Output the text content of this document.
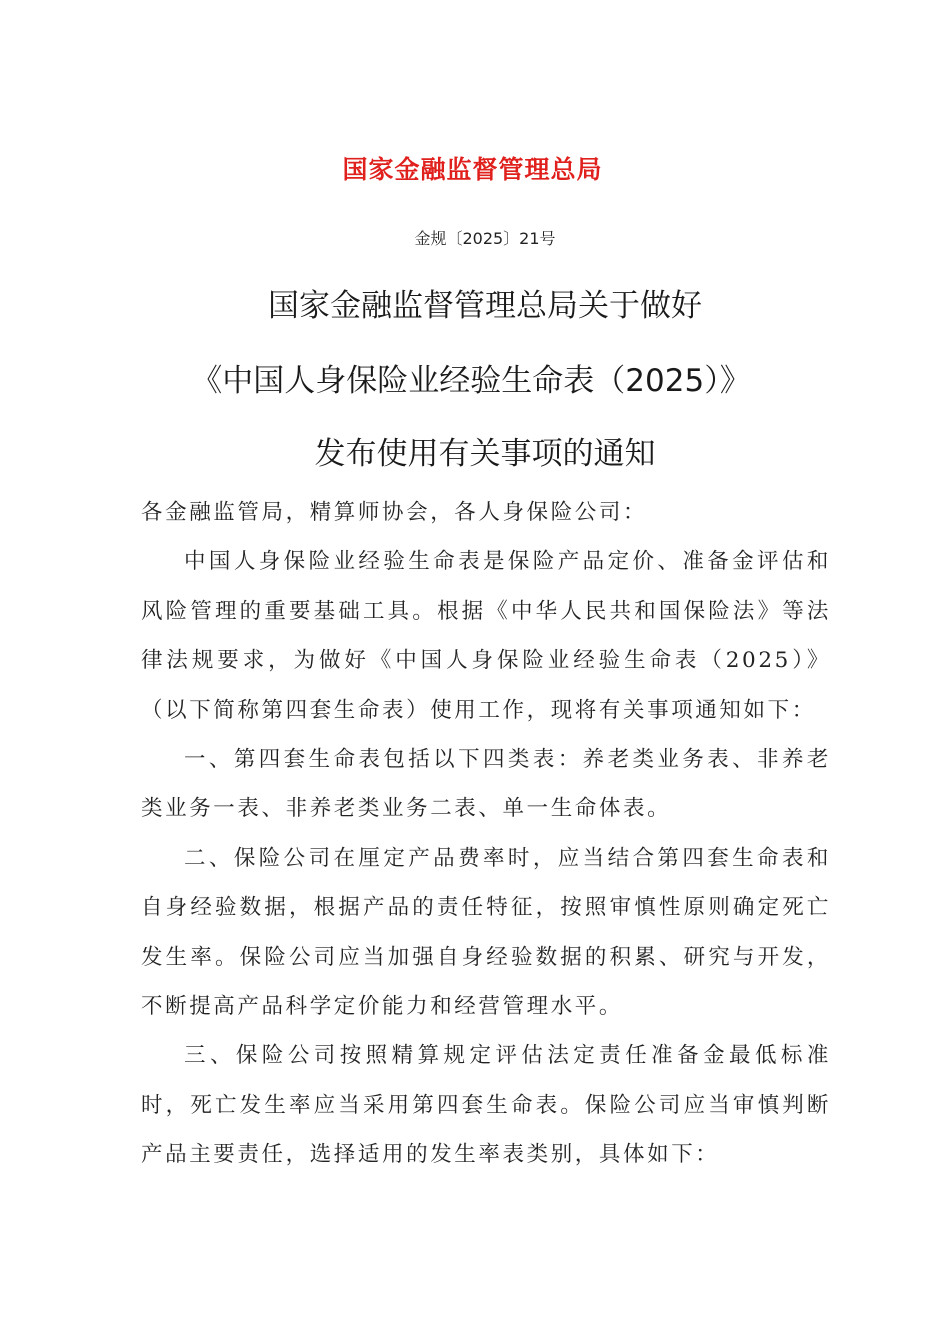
国家金融监督管理总局
金规〔2025〕21号
国家金融监督管理总局关于做好
《中国人身保险业经验生命表（2025）》
发布使用有关事项的通知

各金融监管局，精算师协会，各人身保险公司：

中国人身保险业经验生命表是保险产品定价、准备金评估和风险管理的重要基础工具。根据《中华人民共和国保险法》等法律法规要求，为做好《中国人身保险业经验生命表（2025）》（以下简称第四套生命表）使用工作，现将有关事项通知如下：

一、第四套生命表包括以下四类表：养老类业务表、非养老类业务一表、非养老类业务二表、单一生命体表。

二、保险公司在厘定产品费率时，应当结合第四套生命表和自身经验数据，根据产品的责任特征，按照审慎性原则确定死亡发生率。保险公司应当加强自身经验数据的积累、研究与开发，不断提高产品科学定价能力和经营管理水平。

三、保险公司按照精算规定评估法定责任准备金最低标准时，死亡发生率应当采用第四套生命表。保险公司应当审慎判断产品主要责任，选择适用的发生率表类别，具体如下：
